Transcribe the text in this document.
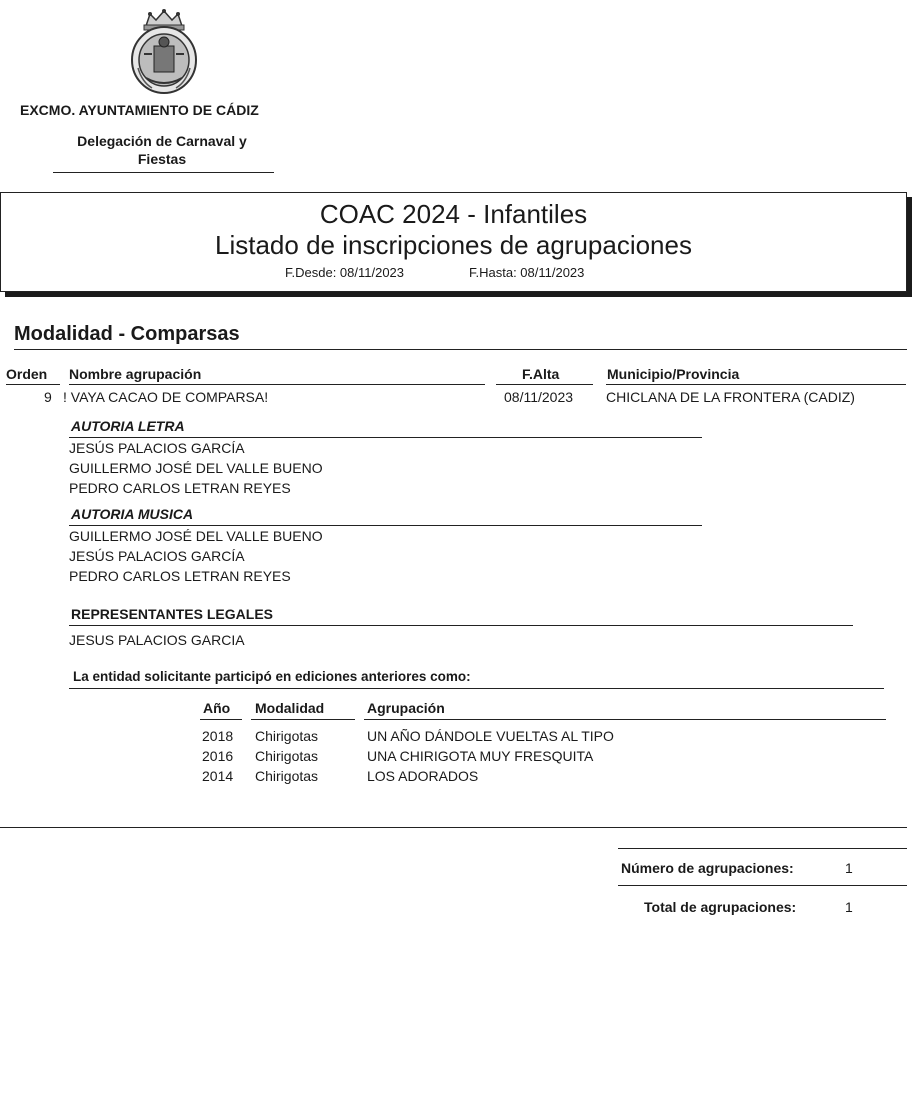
EXCMO. AYUNTAMIENTO DE CÁDIZ
Delegación de Carnaval y
Fiestas
COAC 2024 - Infantiles
Listado de inscripciones de agrupaciones
F.Desde: 08/11/2023	F.Hasta: 08/11/2023
Modalidad - Comparsas
Orden Nombre agrupación	F.Alta	Municipio/Provincia
9 ! VAYA CACAO DE COMPARSA!	08/11/2023 CHICLANA DE LA FRONTERA (CADIZ)
AUTORIA LETRA
JESÚS PALACIOS GARCÍA
GUILLERMO JOSÉ DEL VALLE BUENO
PEDRO CARLOS LETRAN REYES
AUTORIA MUSICA
GUILLERMO JOSÉ DEL VALLE BUENO
JESÚS PALACIOS GARCÍA
PEDRO CARLOS LETRAN REYES
REPRESENTANTES LEGALES
JESUS PALACIOS GARCIA
La entidad solicitante participó en ediciones anteriores como:
Año Modalidad	Agrupación
2018 Chirigotas	UN AÑO DÁNDOLE VUELTAS AL TIPO
2016 Chirigotas	UNA CHIRIGOTA MUY FRESQUITA
2014 Chirigotas	LOS ADORADOS
Número de agrupaciones:	1
Total de agrupaciones:	1
